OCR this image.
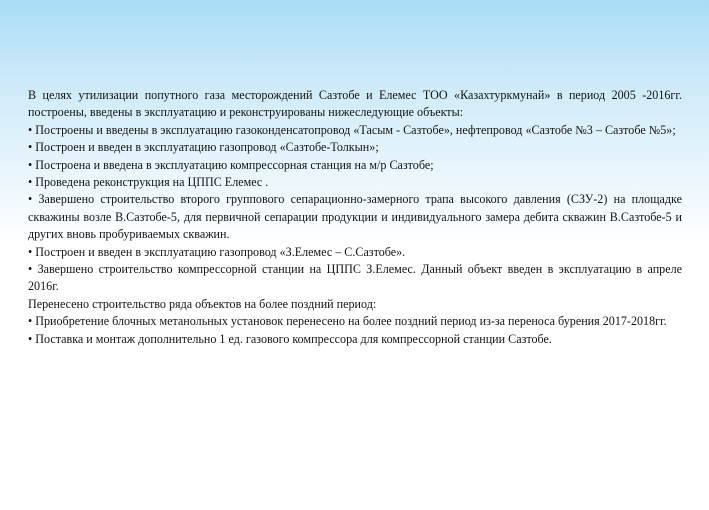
В целях утилизации попутного газа месторождений Сазтобе и Елемес ТОО «Казахтуркмунай» в период 2005 -2016гг. построены, введены в эксплуатацию и реконструированы нижеследующие объекты:

• Построены и введены в эксплуатацию газоконденсатопровод «Тасым - Сазтобе», нефтепровод «Сазтобе №3 – Сазтобе №5»;

• Построен и введен в эксплуатацию газопровод «Сазтобе-Толкын»;

• Построена и введена в эксплуатацию компрессорная станция на м/р Сазтобе;

• Проведена реконструкция на ЦППС Елемес .

• Завершено строительство второго группового сепарационно-замерного трапа высокого давления (СЗУ-2) на площадке скважины возле В.Сазтобе-5, для первичной сепарации продукции и индивидуального замера дебита скважин В.Сазтобе-5 и других вновь пробуриваемых скважин.

• Построен и введен в эксплуатацию газопровод «З.Елемес – С.Сазтобе».

• Завершено строительство компрессорной станции на ЦППС З.Елемес. Данный объект введен в эксплуатацию в апреле 2016г.

Перенесено строительство ряда объектов на более поздний период:

• Приобретение блочных метанольных установок перенесено на более поздний период из-за переноса бурения 2017-2018гг.

• Поставка и монтаж дополнительно 1 ед. газового компрессора для компрессорной станции Сазтобе.
